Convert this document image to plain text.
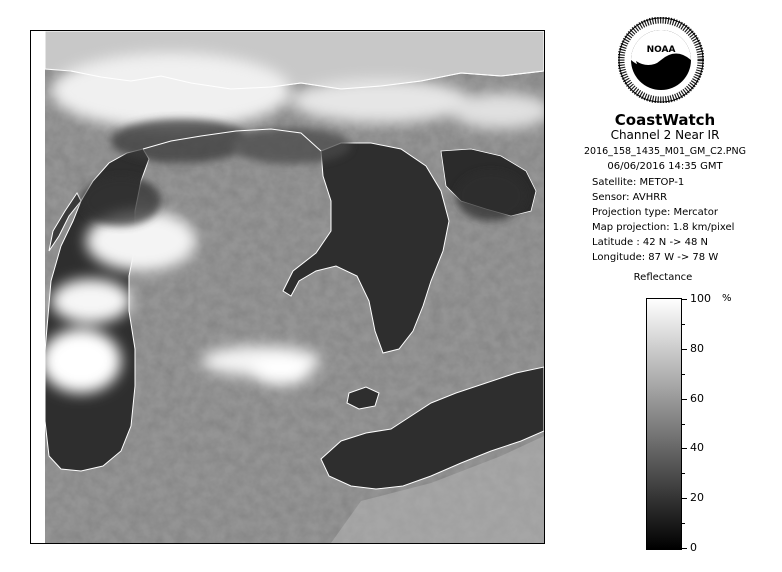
NOAA
CoastWatch
Channel 2 Near IR
2016_158_1435_M01_GM_C2.PNG
06/06/2016 14:35 GMT
Satellite: METOP-1
Sensor: AVHRR
Projection type: Mercator
Map projection: 1.8 km/pixel
Latitude : 42 N -> 48 N
Longitude: 87 W -> 78 W
Reflectance
%
100
80
60
40
20
0
